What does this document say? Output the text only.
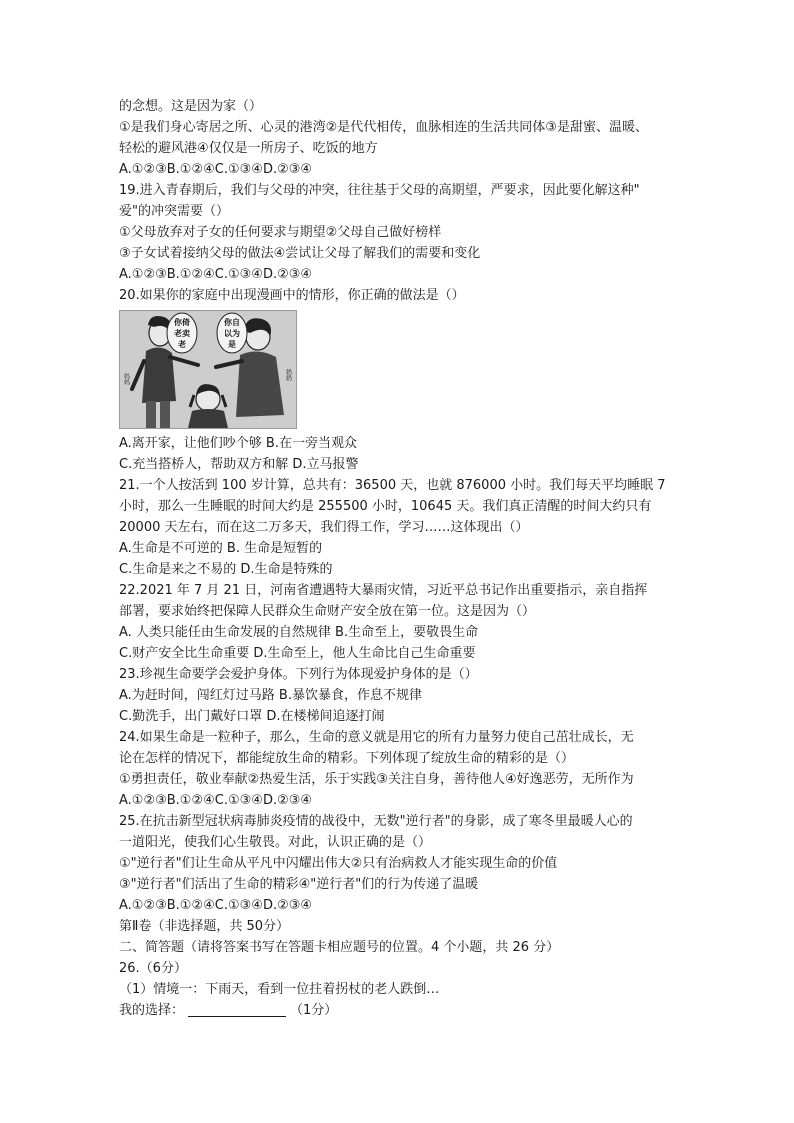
的念想。这是因为家（）
①是我们身心寄居之所、心灵的港湾②是代代相传，血脉相连的生活共同体③是甜蜜、温暖、
轻松的避风港④仅仅是一所房子、吃饭的地方
A.①②③B.①②④C.①③④D.②③④
19.进入青春期后，我们与父母的冲突，往往基于父母的高期望，严要求，因此要化解这种"
爱"的冲突需要（）
①父母放弃对子女的任何要求与期望②父母自己做好榜样
③子女试着接纳父母的做法④尝试让父母了解我们的需要和变化
A.①②③B.①②④C.①③④D.②③④
20.如果你的家庭中出现漫画中的情形，你正确的做法是（）
你倚
老卖
老
你自
以为
是
妈妈	奶奶
A.离开家，让他们吵个够 B.在一旁当观众
C.充当搭桥人，帮助双方和解 D.立马报警
21.一个人按活到 100 岁计算，总共有：36500 天，也就 876000 小时。我们每天平均睡眠 7
小时，那么一生睡眠的时间大约是 255500 小时，10645 天。我们真正清醒的时间大约只有
20000 天左右，而在这二万多天，我们得工作，学习……这体现出（）
A.生命是不可逆的 B. 生命是短暂的
C.生命是来之不易的 D.生命是特殊的
22.2021 年 7 月 21 日，河南省遭遇特大暴雨灾情，习近平总书记作出重要指示，亲自指挥
部署，要求始终把保障人民群众生命财产安全放在第一位。这是因为（）
A. 人类只能任由生命发展的自然规律 B.生命至上，要敬畏生命
C.财产安全比生命重要 D.生命至上，他人生命比自己生命重要
23.珍视生命要学会爱护身体。下列行为体现爱护身体的是（）
A.为赶时间，闯红灯过马路 B.暴饮暴食，作息不规律
C.勤洗手，出门戴好口罩 D.在楼梯间追逐打闹
24.如果生命是一粒种子，那么，生命的意义就是用它的所有力量努力使自己茁壮成长，无
论在怎样的情况下，都能绽放生命的精彩。下列体现了绽放生命的精彩的是（）
①勇担责任，敬业奉献②热爱生活，乐于实践③关注自身，善待他人④好逸恶劳，无所作为
A.①②③B.①②④C.①③④D.②③④
25.在抗击新型冠状病毒肺炎疫情的战役中，无数"逆行者"的身影，成了寒冬里最暖人心的
一道阳光，使我们心生敬畏。对此，认识正确的是（）
①"逆行者"们让生命从平凡中闪耀出伟大②只有治病救人才能实现生命的价值
③"逆行者"们活出了生命的精彩④"逆行者"们的行为传递了温暖
A.①②③B.①②④C.①③④D.②③④
第Ⅱ卷（非选择题，共 50分）
二、简答题（请将答案书写在答题卡相应题号的位置。4 个小题，共 26 分）
26.（6分）
（1）情境一：下雨天，看到一位拄着拐杖的老人跌倒…
我的选择：	（1分）
